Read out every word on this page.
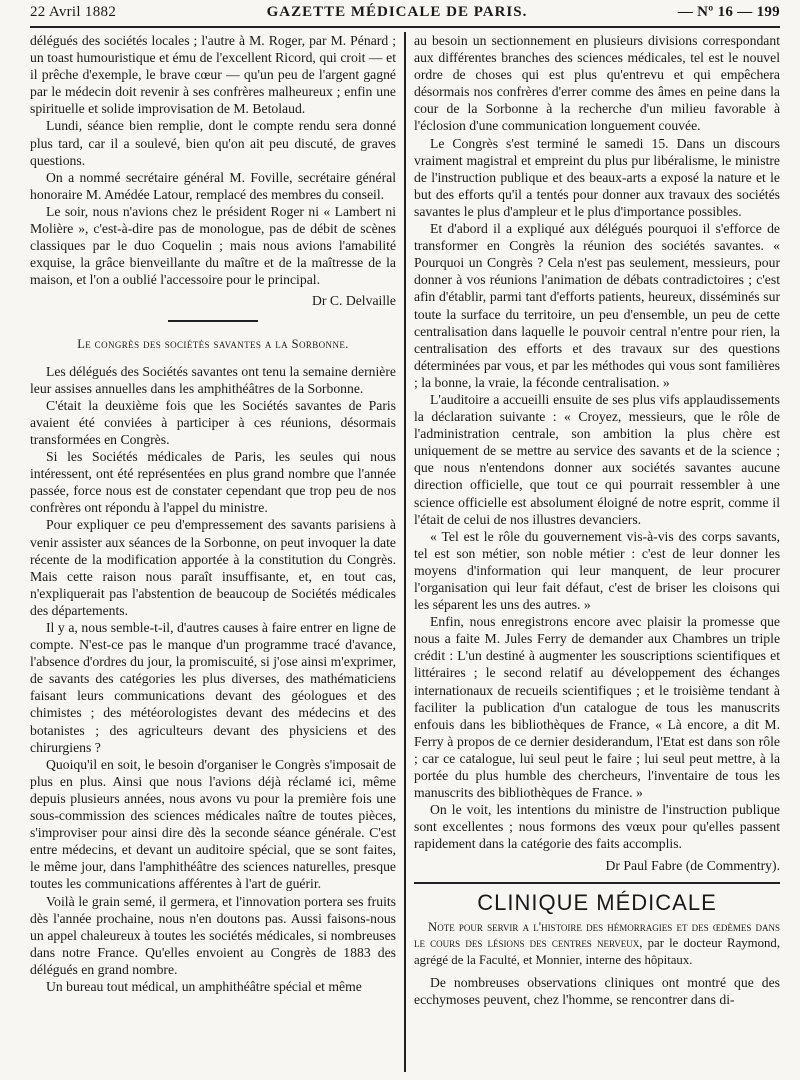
22 Avril 1882	GAZETTE MÉDICALE DE PARIS.	— Nº 16 — 199

délégués des sociétés locales ; l'autre à M. Roger, par M. Pénard ; un toast humouristique et ému de l'excellent Ricord, qui croit — et il prêche d'exemple, le brave cœur — qu'un peu de l'argent gagné par le médecin doit revenir à ses confrères malheureux ; enfin une spirituelle et solide improvisation de M. Betolaud.

Lundi, séance bien remplie, dont le compte rendu sera donné plus tard, car il a soulevé, bien qu'on ait peu discuté, de graves questions.

On a nommé secrétaire général M. Foville, secrétaire général honoraire M. Amédée Latour, remplacé des membres du conseil.

Le soir, nous n'avions chez le président Roger ni « Lambert ni Molière », c'est-à-dire pas de monologue, pas de débit de scènes classiques par le duo Coquelin ; mais nous avions l'amabilité exquise, la grâce bienveillante du maître et de la maîtresse de la maison, et l'on a oublié l'accessoire pour le principal.

Dr C. Delvaille
Le congrès des sociétés savantes a la Sorbonne.

Les délégués des Sociétés savantes ont tenu la semaine dernière leur assises annuelles dans les amphithéâtres de la Sorbonne.

C'était la deuxième fois que les Sociétés savantes de Paris avaient été conviées à participer à ces réunions, désormais transformées en Congrès.

Si les Sociétés médicales de Paris, les seules qui nous intéressent, ont été représentées en plus grand nombre que l'année passée, force nous est de constater cependant que trop peu de nos confrères ont répondu à l'appel du ministre.

Pour expliquer ce peu d'empressement des savants parisiens à venir assister aux séances de la Sorbonne, on peut invoquer la date récente de la modification apportée à la constitution du Congrès. Mais cette raison nous paraît insuffisante, et, en tout cas, n'expliquerait pas l'abstention de beaucoup de Sociétés médicales des départements.

Il y a, nous semble-t-il, d'autres causes à faire entrer en ligne de compte. N'est-ce pas le manque d'un programme tracé d'avance, l'absence d'ordres du jour, la promiscuité, si j'ose ainsi m'exprimer, de savants des catégories les plus diverses, des mathématiciens faisant leurs communications devant des géologues et des chimistes ; des météorologistes devant des médecins et des botanistes ; des agriculteurs devant des physiciens et des chirurgiens ?

Quoiqu'il en soit, le besoin d'organiser le Congrès s'imposait de plus en plus. Ainsi que nous l'avions déjà réclamé ici, même depuis plusieurs années, nous avons vu pour la première fois une sous-commission des sciences médicales naître de toutes pièces, s'improviser pour ainsi dire dès la seconde séance générale. C'est entre médecins, et devant un auditoire spécial, que se sont faites, le même jour, dans l'amphithéâtre des sciences naturelles, presque toutes les communications afférentes à l'art de guérir.

Voilà le grain semé, il germera, et l'innovation portera ses fruits dès l'année prochaine, nous n'en doutons pas. Aussi faisons-nous un appel chaleureux à toutes les sociétés médicales, si nombreuses dans notre France. Qu'elles envoient au Congrès de 1883 des délégués en grand nombre.

Un bureau tout médical, un amphithéâtre spécial et même

au besoin un sectionnement en plusieurs divisions correspondant aux différentes branches des sciences médicales, tel est le nouvel ordre de choses qui est plus qu'entrevu et qui empêchera désormais nos confrères d'errer comme des âmes en peine dans la cour de la Sorbonne à la recherche d'un milieu favorable à l'éclosion d'une communication longuement couvée.

Le Congrès s'est terminé le samedi 15. Dans un discours vraiment magistral et empreint du plus pur libéralisme, le ministre de l'instruction publique et des beaux-arts a exposé la nature et le but des efforts qu'il a tentés pour donner aux travaux des sociétés savantes le plus d'ampleur et le plus d'importance possibles.

Et d'abord il a expliqué aux délégués pourquoi il s'efforce de transformer en Congrès la réunion des sociétés savantes. « Pourquoi un Congrès ? Cela n'est pas seulement, messieurs, pour donner à vos réunions l'animation de débats contradictoires ; c'est afin d'établir, parmi tant d'efforts patients, heureux, disséminés sur toute la surface du territoire, un peu d'ensemble, un peu de cette centralisation dans laquelle le pouvoir central n'entre pour rien, la centralisation des efforts et des travaux sur des questions déterminées par vous, et par les méthodes qui vous sont familières ; la bonne, la vraie, la féconde centralisation. »

L'auditoire a accueilli ensuite de ses plus vifs applaudissements la déclaration suivante : « Croyez, messieurs, que le rôle de l'administration centrale, son ambition la plus chère est uniquement de se mettre au service des savants et de la science ; que nous n'entendons donner aux sociétés savantes aucune direction officielle, que tout ce qui pourrait ressembler à une science officielle est absolument éloigné de notre esprit, comme il l'était de celui de nos illustres devanciers.

« Tel est le rôle du gouvernement vis-à-vis des corps savants, tel est son métier, son noble métier : c'est de leur donner les moyens d'information qui leur manquent, de leur procurer l'organisation qui leur fait défaut, c'est de briser les cloisons qui les séparent les uns des autres. »

Enfin, nous enregistrons encore avec plaisir la promesse que nous a faite M. Jules Ferry de demander aux Chambres un triple crédit : L'un destiné à augmenter les souscriptions scientifiques et littéraires ; le second relatif au développement des échanges internationaux de recueils scientifiques ; et le troisième tendant à faciliter la publication d'un catalogue de tous les manuscrits enfouis dans les bibliothèques de France, « Là encore, a dit M. Ferry à propos de ce dernier desiderandum, l'Etat est dans son rôle ; car ce catalogue, lui seul peut le faire ; lui seul peut mettre, à la portée du plus humble des chercheurs, l'inventaire de tous les manuscrits des bibliothèques de France. »

On le voit, les intentions du ministre de l'instruction publique sont excellentes ; nous formons des vœux pour qu'elles passent rapidement dans la catégorie des faits accomplis.

Dr Paul Fabre (de Commentry).
CLINIQUE MÉDICALE
Note pour servir a l'histoire des hémorragies et des œdèmes dans le cours des lésions des centres nerveux, par le docteur Raymond, agrégé de la Faculté, et Monnier, interne des hôpitaux.

De nombreuses observations cliniques ont montré que des ecchymoses peuvent, chez l'homme, se rencontrer dans di-
